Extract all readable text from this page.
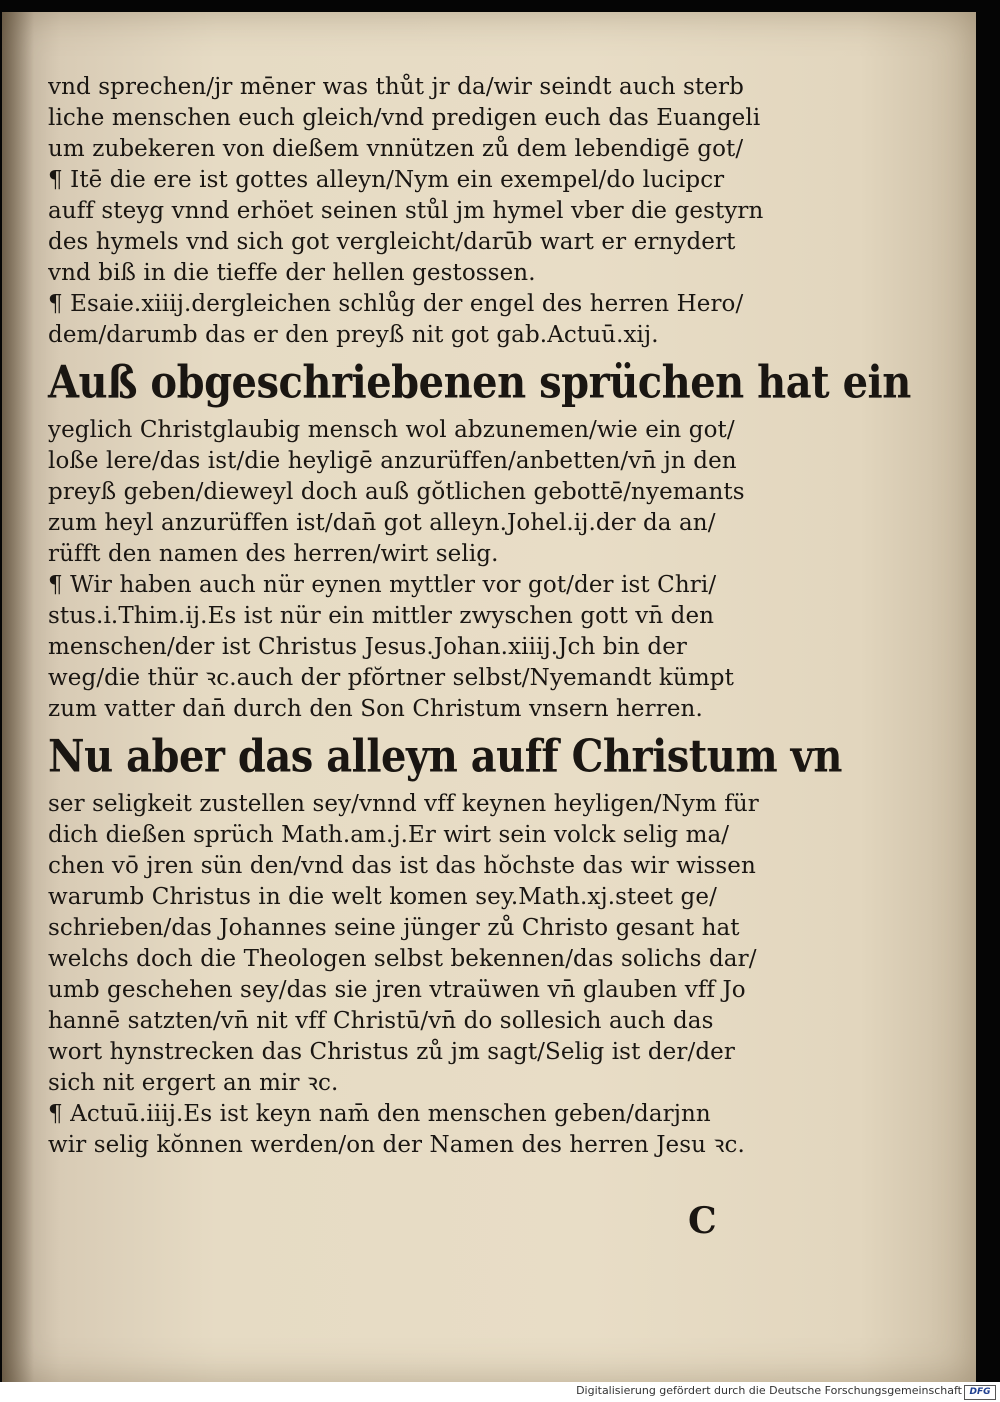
vnd sprechen/jr mēner was thůt jr da/wir seindt auch sterb
liche menschen euch gleich/vnd predigen euch das Euangeli
um zubekeren von dießem vnnützen zů dem lebendigē got/
¶ Itē die ere ist gottes alleyn/Nym ein exempel/do lucipcr
auff steyg vnnd erhöet seinen stůl jm hymel vber die gestyrn
des hymels vnd sich got vergleicht/darūb wart er ernydert
vnd biß in die tieffe der hellen gestossen.
¶ Esaie.xiiij.dergleichen schlůg der engel des herren Hero/
dem/darumb das er den preyß nit got gab.Actuū.xij.
Auß obgeschriebenen sprüchen hat ein
yeglich Christglaubig mensch wol abzunemen/wie ein got/
loße lere/das ist/die heyligē anzurüffen/anbetten/vn̄ jn den
preyß geben/dieweyl doch auß gŏtlichen gebottē/nyemants
zum heyl anzurüffen ist/dan̄ got alleyn.Johel.ij.der da an/
rüfft den namen des herren/wirt selig.
¶ Wir haben auch nür eynen myttler vor got/der ist Chri/
stus.i.Thim.ij.Es ist nür ein mittler zwyschen gott vn̄ den
menschen/der ist Christus Jesus.Johan.xiiij.Jch bin der
weg/die thür ꝛc.auch der pfŏrtner selbst/Nyemandt kümpt
zum vatter dan̄ durch den Son Christum vnsern herren.
Nu aber das alleyn auff Christum vn
ser seligkeit zustellen sey/vnnd vff keynen heyligen/Nym für
dich dießen sprüch Math.am.j.Er wirt sein volck selig ma/
chen vō jren sün den/vnd das ist das hŏchste das wir wissen
warumb Christus in die welt komen sey.Math.xj.steet ge/
schrieben/das Johannes seine jünger zů Christo gesant hat
welchs doch die Theologen selbst bekennen/das solichs dar/
umb geschehen sey/das sie jren vtraüwen vn̄ glauben vff Jo
hannē satzten/vn̄ nit vff Christū/vn̄ do sollesich auch das
wort hynstrecken das Christus zů jm sagt/Selig ist der/der
sich nit ergert an mir ꝛc.
¶ Actuū.iiij.Es ist keyn nam̄ den menschen geben/darjnn
wir selig kŏnnen werden/on der Namen des herren Jesu ꝛc.
C
Digitalisierung gefördert durch die Deutsche Forschungsgemeinschaft DFG
